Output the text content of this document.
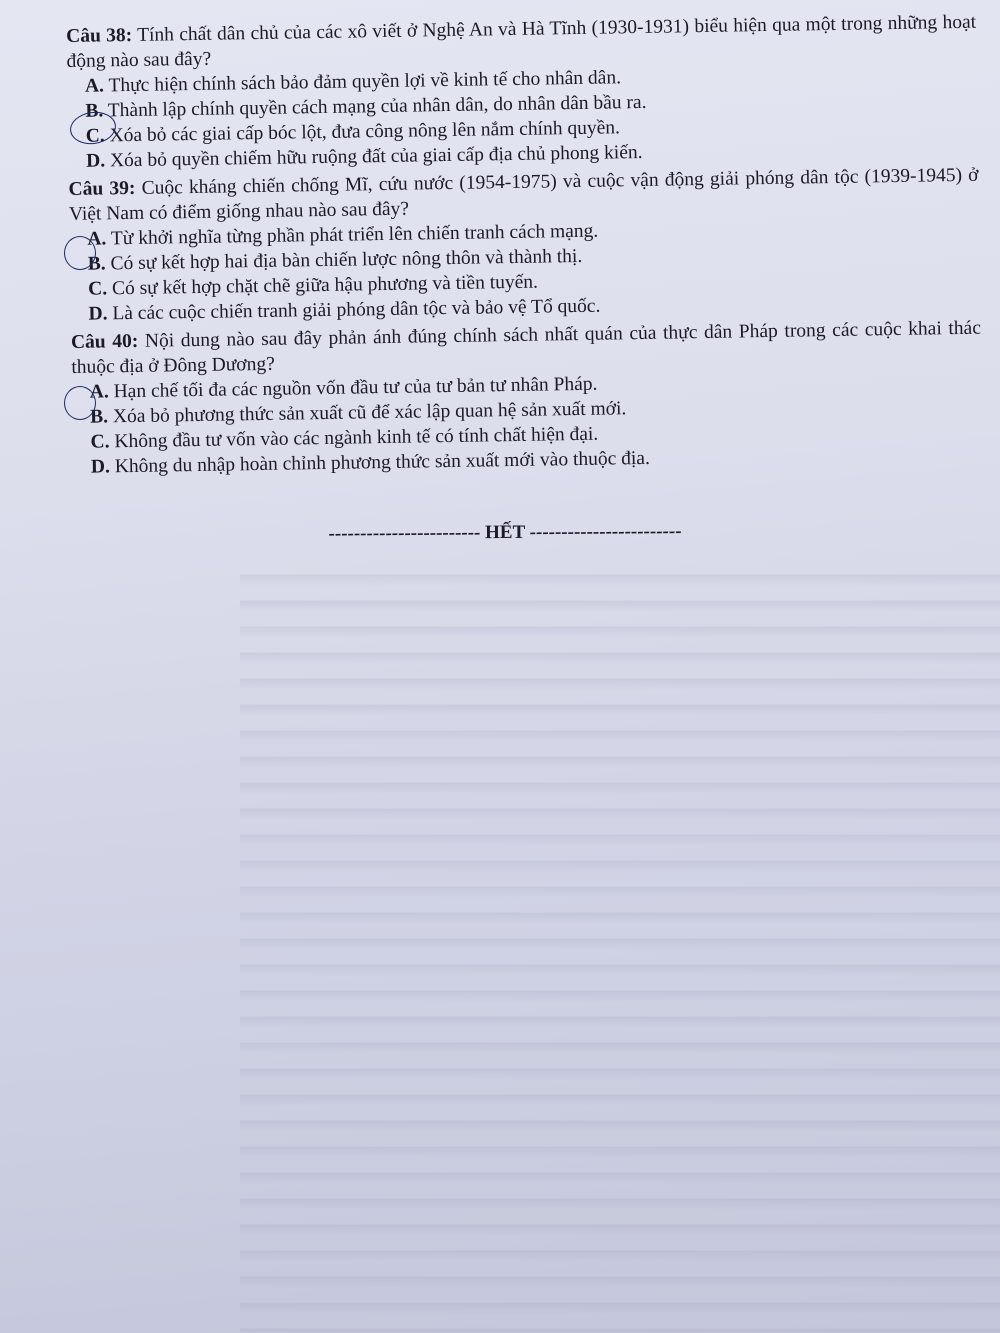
Câu 38: Tính chất dân chủ của các xô viết ở Nghệ An và Hà Tĩnh (1930-1931) biểu hiện qua một trong những hoạt động nào sau đây?

A. Thực hiện chính sách bảo đảm quyền lợi về kinh tế cho nhân dân.
B. Thành lập chính quyền cách mạng của nhân dân, do nhân dân bầu ra.
C. Xóa bỏ các giai cấp bóc lột, đưa công nông lên nắm chính quyền.
D. Xóa bỏ quyền chiếm hữu ruộng đất của giai cấp địa chủ phong kiến.

Câu 39: Cuộc kháng chiến chống Mĩ, cứu nước (1954-1975) và cuộc vận động giải phóng dân tộc (1939-1945) ở Việt Nam có điểm giống nhau nào sau đây?

A. Từ khởi nghĩa từng phần phát triển lên chiến tranh cách mạng.
B. Có sự kết hợp hai địa bàn chiến lược nông thôn và thành thị.
C. Có sự kết hợp chặt chẽ giữa hậu phương và tiền tuyến.
D. Là các cuộc chiến tranh giải phóng dân tộc và bảo vệ Tổ quốc.

Câu 40: Nội dung nào sau đây phản ánh đúng chính sách nhất quán của thực dân Pháp trong các cuộc khai thác thuộc địa ở Đông Dương?

A. Hạn chế tối đa các nguồn vốn đầu tư của tư bản tư nhân Pháp.
B. Xóa bỏ phương thức sản xuất cũ để xác lập quan hệ sản xuất mới.
C. Không đầu tư vốn vào các ngành kinh tế có tính chất hiện đại.
D. Không du nhập hoàn chỉnh phương thức sản xuất mới vào thuộc địa.
------------------------ HẾT ------------------------
